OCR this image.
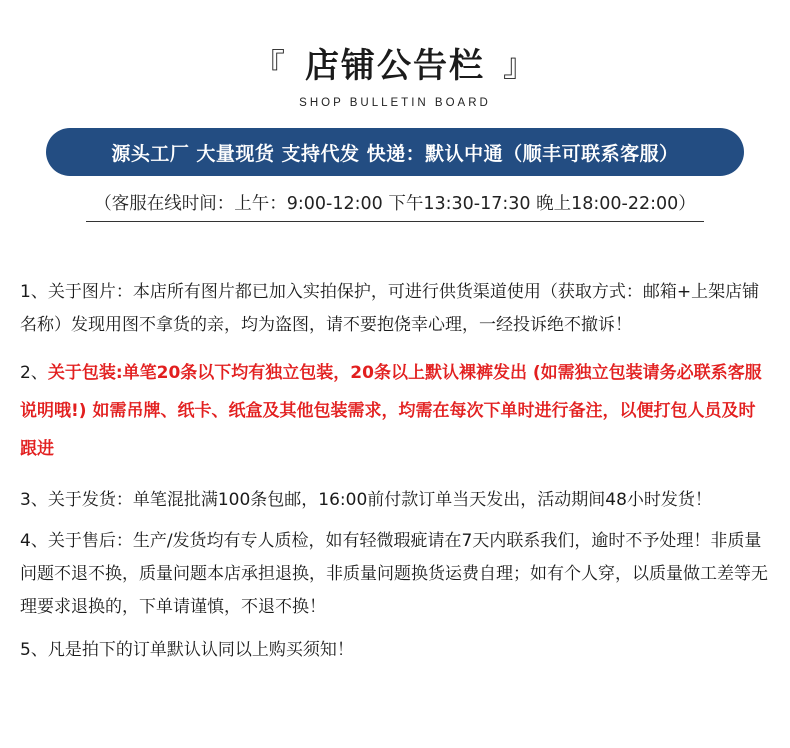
『 店铺公告栏 』
SHOP BULLETIN BOARD
源头工厂 大量现货 支持代发 快递：默认中通（顺丰可联系客服）
（客服在线时间：上午：9:00-12:00 下午13:30-17:30 晚上18:00-22:00）

1、关于图片：本店所有图片都已加入实拍保护，可进行供货渠道使用（获取方式：邮箱+上架店铺名称）发现用图不拿货的亲，均为盗图，请不要抱侥幸心理，一经投诉绝不撤诉！

2、关于包装:单笔20条以下均有独立包装，20条以上默认裸裤发出 (如需独立包装请务必联系客服说明哦!) 如需吊牌、纸卡、纸盒及其他包装需求，均需在每次下单时进行备注，以便打包人员及时跟进

3、关于发货：单笔混批满100条包邮，16:00前付款订单当天发出，活动期间48小时发货！

4、关于售后：生产/发货均有专人质检，如有轻微瑕疵请在7天内联系我们，逾时不予处理！非质量问题不退不换，质量问题本店承担退换，非质量问题换货运费自理；如有个人穿，以质量做工差等无理要求退换的，下单请谨慎，不退不换！

5、凡是拍下的订单默认认同以上购买须知！
